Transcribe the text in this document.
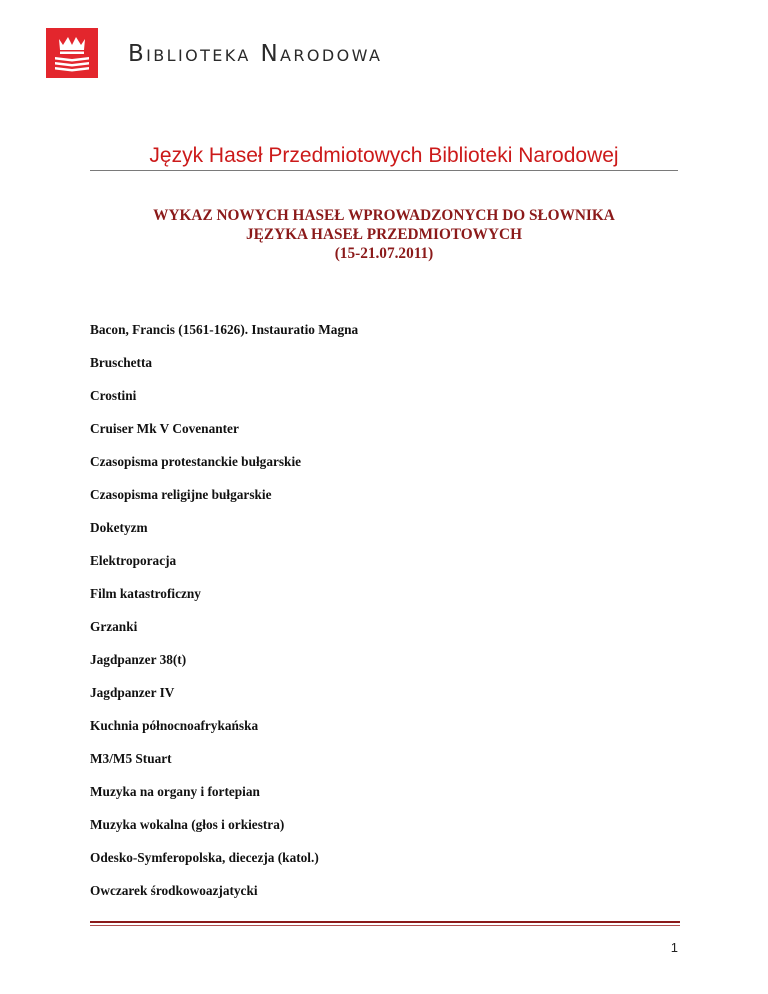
Biblioteka Narodowa
Język Haseł Przedmiotowych Biblioteki Narodowej
WYKAZ NOWYCH HASEŁ WPROWADZONYCH DO SŁOWNIKA
JĘZYKA HASEŁ PRZEDMIOTOWYCH
(15-21.07.2011)
Bacon, Francis (1561-1626). Instauratio Magna
Bruschetta
Crostini
Cruiser Mk V Covenanter
Czasopisma protestanckie bułgarskie
Czasopisma religijne bułgarskie
Doketyzm
Elektroporacja
Film katastroficzny
Grzanki
Jagdpanzer 38(t)
Jagdpanzer IV
Kuchnia północnoafrykańska
M3/M5 Stuart
Muzyka na organy i fortepian
Muzyka wokalna (głos i orkiestra)
Odesko-Symferopolska, diecezja (katol.)
Owczarek środkowoazjatycki
1
